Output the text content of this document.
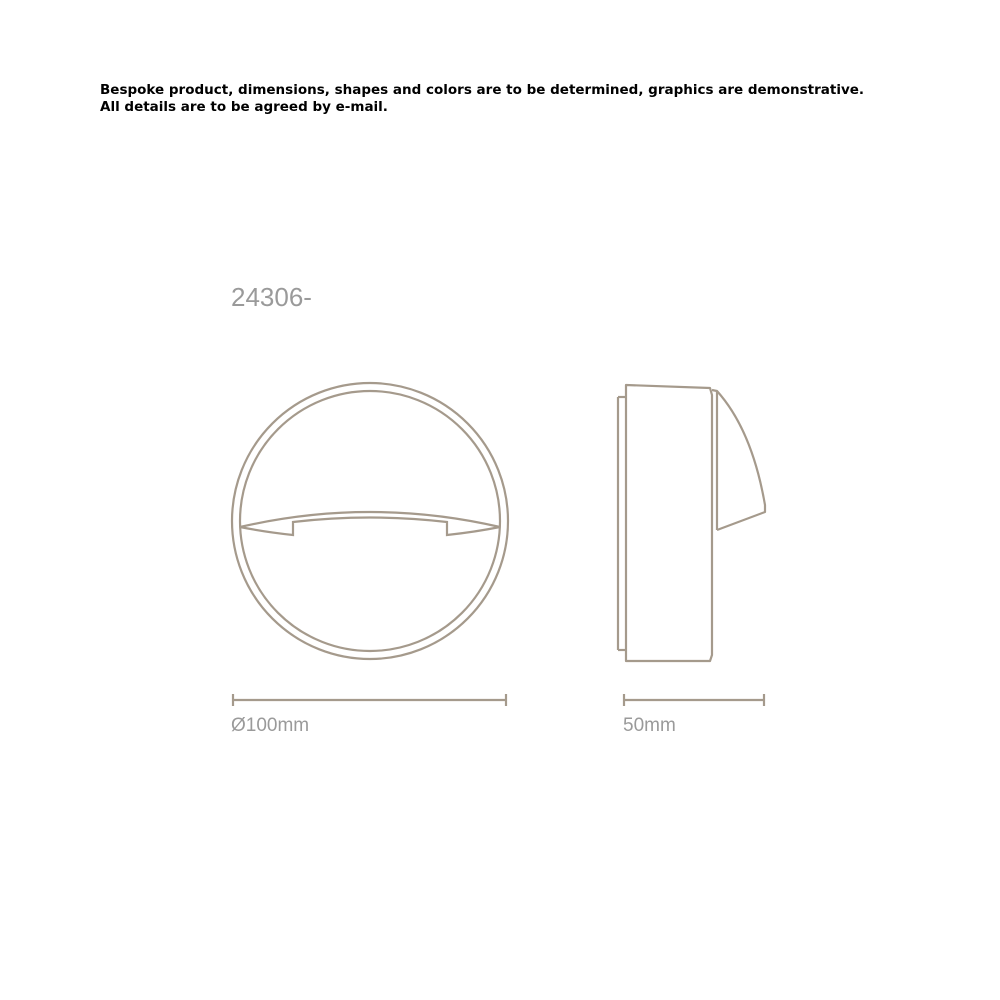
Bespoke product, dimensions, shapes and colors are to be determined, graphics are demonstrative. All details are to be agreed by e-mail.
24306-
Ø100mm	50mm
